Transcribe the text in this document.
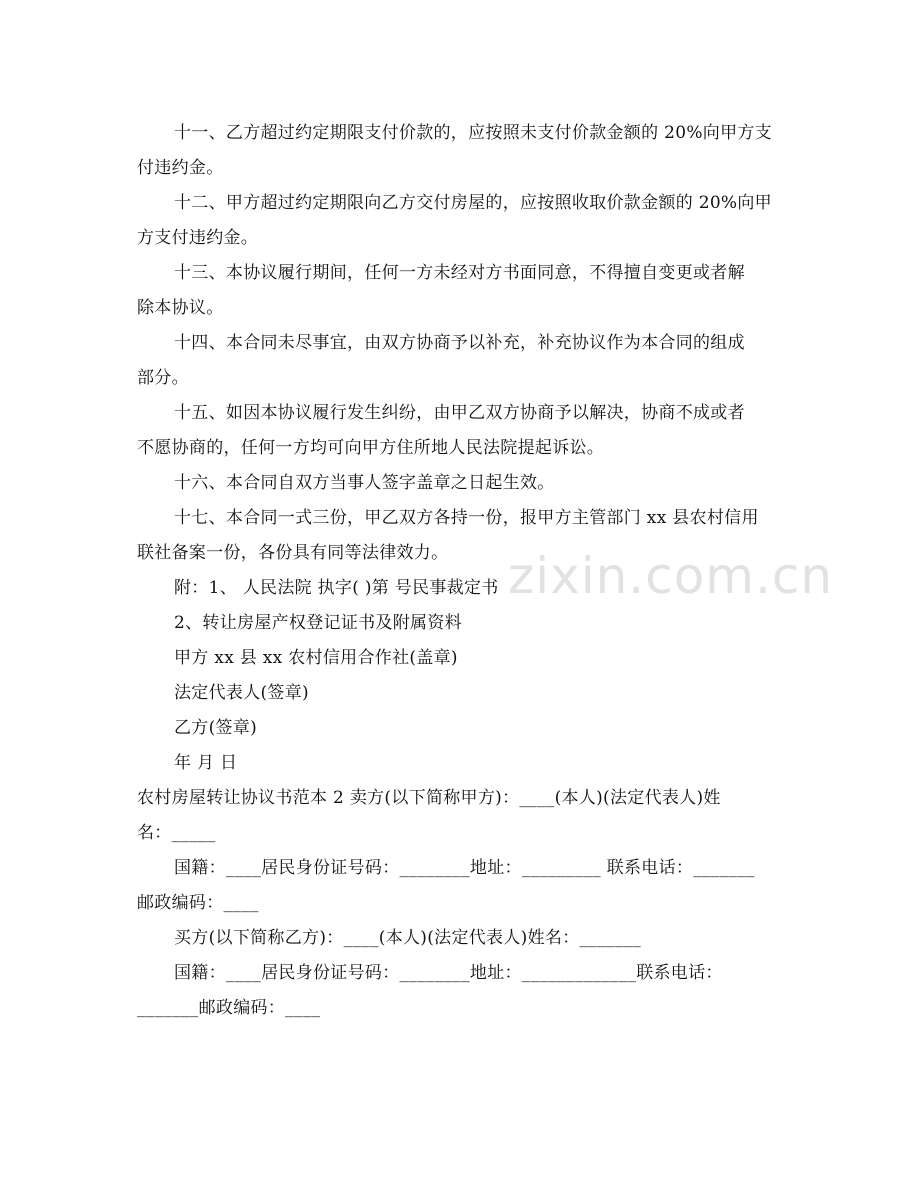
zixin.com.cn
十一、乙方超过约定期限支付价款的，应按照未支付价款金额的 20%向甲方支
付违约金。
十二、甲方超过约定期限向乙方交付房屋的，应按照收取价款金额的 20%向甲
方支付违约金。
十三、本协议履行期间，任何一方未经对方书面同意，不得擅自变更或者解
除本协议。
十四、本合同未尽事宜，由双方协商予以补充，补充协议作为本合同的组成
部分。
十五、如因本协议履行发生纠纷，由甲乙双方协商予以解决，协商不成或者
不愿协商的，任何一方均可向甲方住所地人民法院提起诉讼。
十六、本合同自双方当事人签字盖章之日起生效。
十七、本合同一式三份，甲乙双方各持一份，报甲方主管部门 xx 县农村信用
联社备案一份，各份具有同等法律效力。
附：1、 人民法院 执字( )第 号民事裁定书
2、转让房屋产权登记证书及附属资料
甲方 xx 县 xx 农村信用合作社(盖章)
法定代表人(签章)
乙方(签章)
年 月 日
农村房屋转让协议书范本 2 卖方(以下简称甲方)：____(本人)(法定代表人)姓
名：_____
国籍：____居民身份证号码：________地址：_________ 联系电话：_______
邮政编码：____
买方(以下简称乙方)：____(本人)(法定代表人)姓名：_______
国籍：____居民身份证号码：________地址：_____________联系电话：
_______邮政编码：____
